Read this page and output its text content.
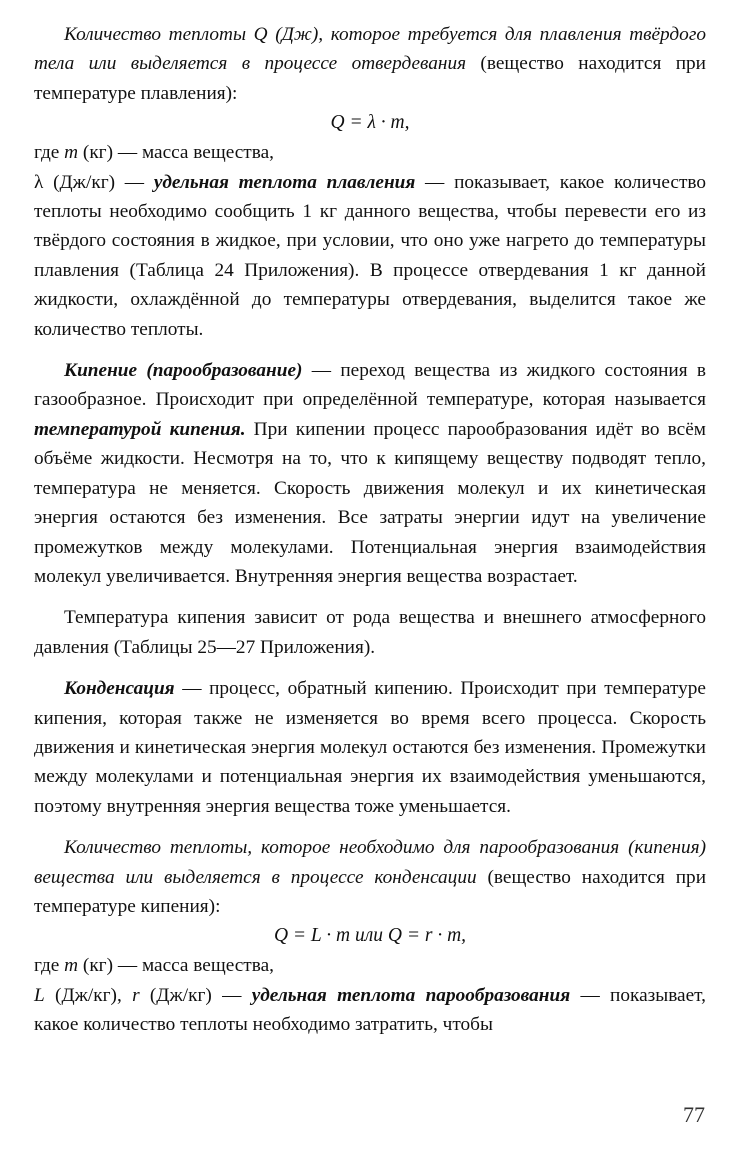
Количество теплоты Q (Дж), которое требуется для плавления твёрдого тела или выделяется в процессе отвердевания (вещество находится при температуре плавления):

Q = λ · m,

где m (кг) — масса вещества,

λ (Дж/кг) — удельная теплота плавления — показывает, какое количество теплоты необходимо сообщить 1 кг данного вещества, чтобы перевести его из твёрдого состояния в жидкое, при условии, что оно уже нагрето до температуры плавления (Таблица 24 Приложения). В процессе отвердевания 1 кг данной жидкости, охлаждённой до температуры отвердевания, выделится такое же количество теплоты.

Кипение (парообразование) — переход вещества из жидкого состояния в газообразное. Происходит при определённой температуре, которая называется температурой кипения. При кипении процесс парообразования идёт во всём объёме жидкости. Несмотря на то, что к кипящему веществу подводят тепло, температура не меняется. Скорость движения молекул и их кинетическая энергия остаются без изменения. Все затраты энергии идут на увеличение промежутков между молекулами. Потенциальная энергия взаимодействия молекул увеличивается. Внутренняя энергия вещества возрастает.

Температура кипения зависит от рода вещества и внешнего атмосферного давления (Таблицы 25—27 Приложения).

Конденсация — процесс, обратный кипению. Происходит при температуре кипения, которая также не изменяется во время всего процесса. Скорость движения и кинетическая энергия молекул остаются без изменения. Промежутки между молекулами и потенциальная энергия их взаимодействия уменьшаются, поэтому внутренняя энергия вещества тоже уменьшается.

Количество теплоты, которое необходимо для парообразования (кипения) вещества или выделяется в процессе конденсации (вещество находится при температуре кипения):

Q = L · m или Q = r · m,

где m (кг) — масса вещества,

L (Дж/кг), r (Дж/кг) — удельная теплота парообразования — показывает, какое количество теплоты необходимо затратить, чтобы

77
